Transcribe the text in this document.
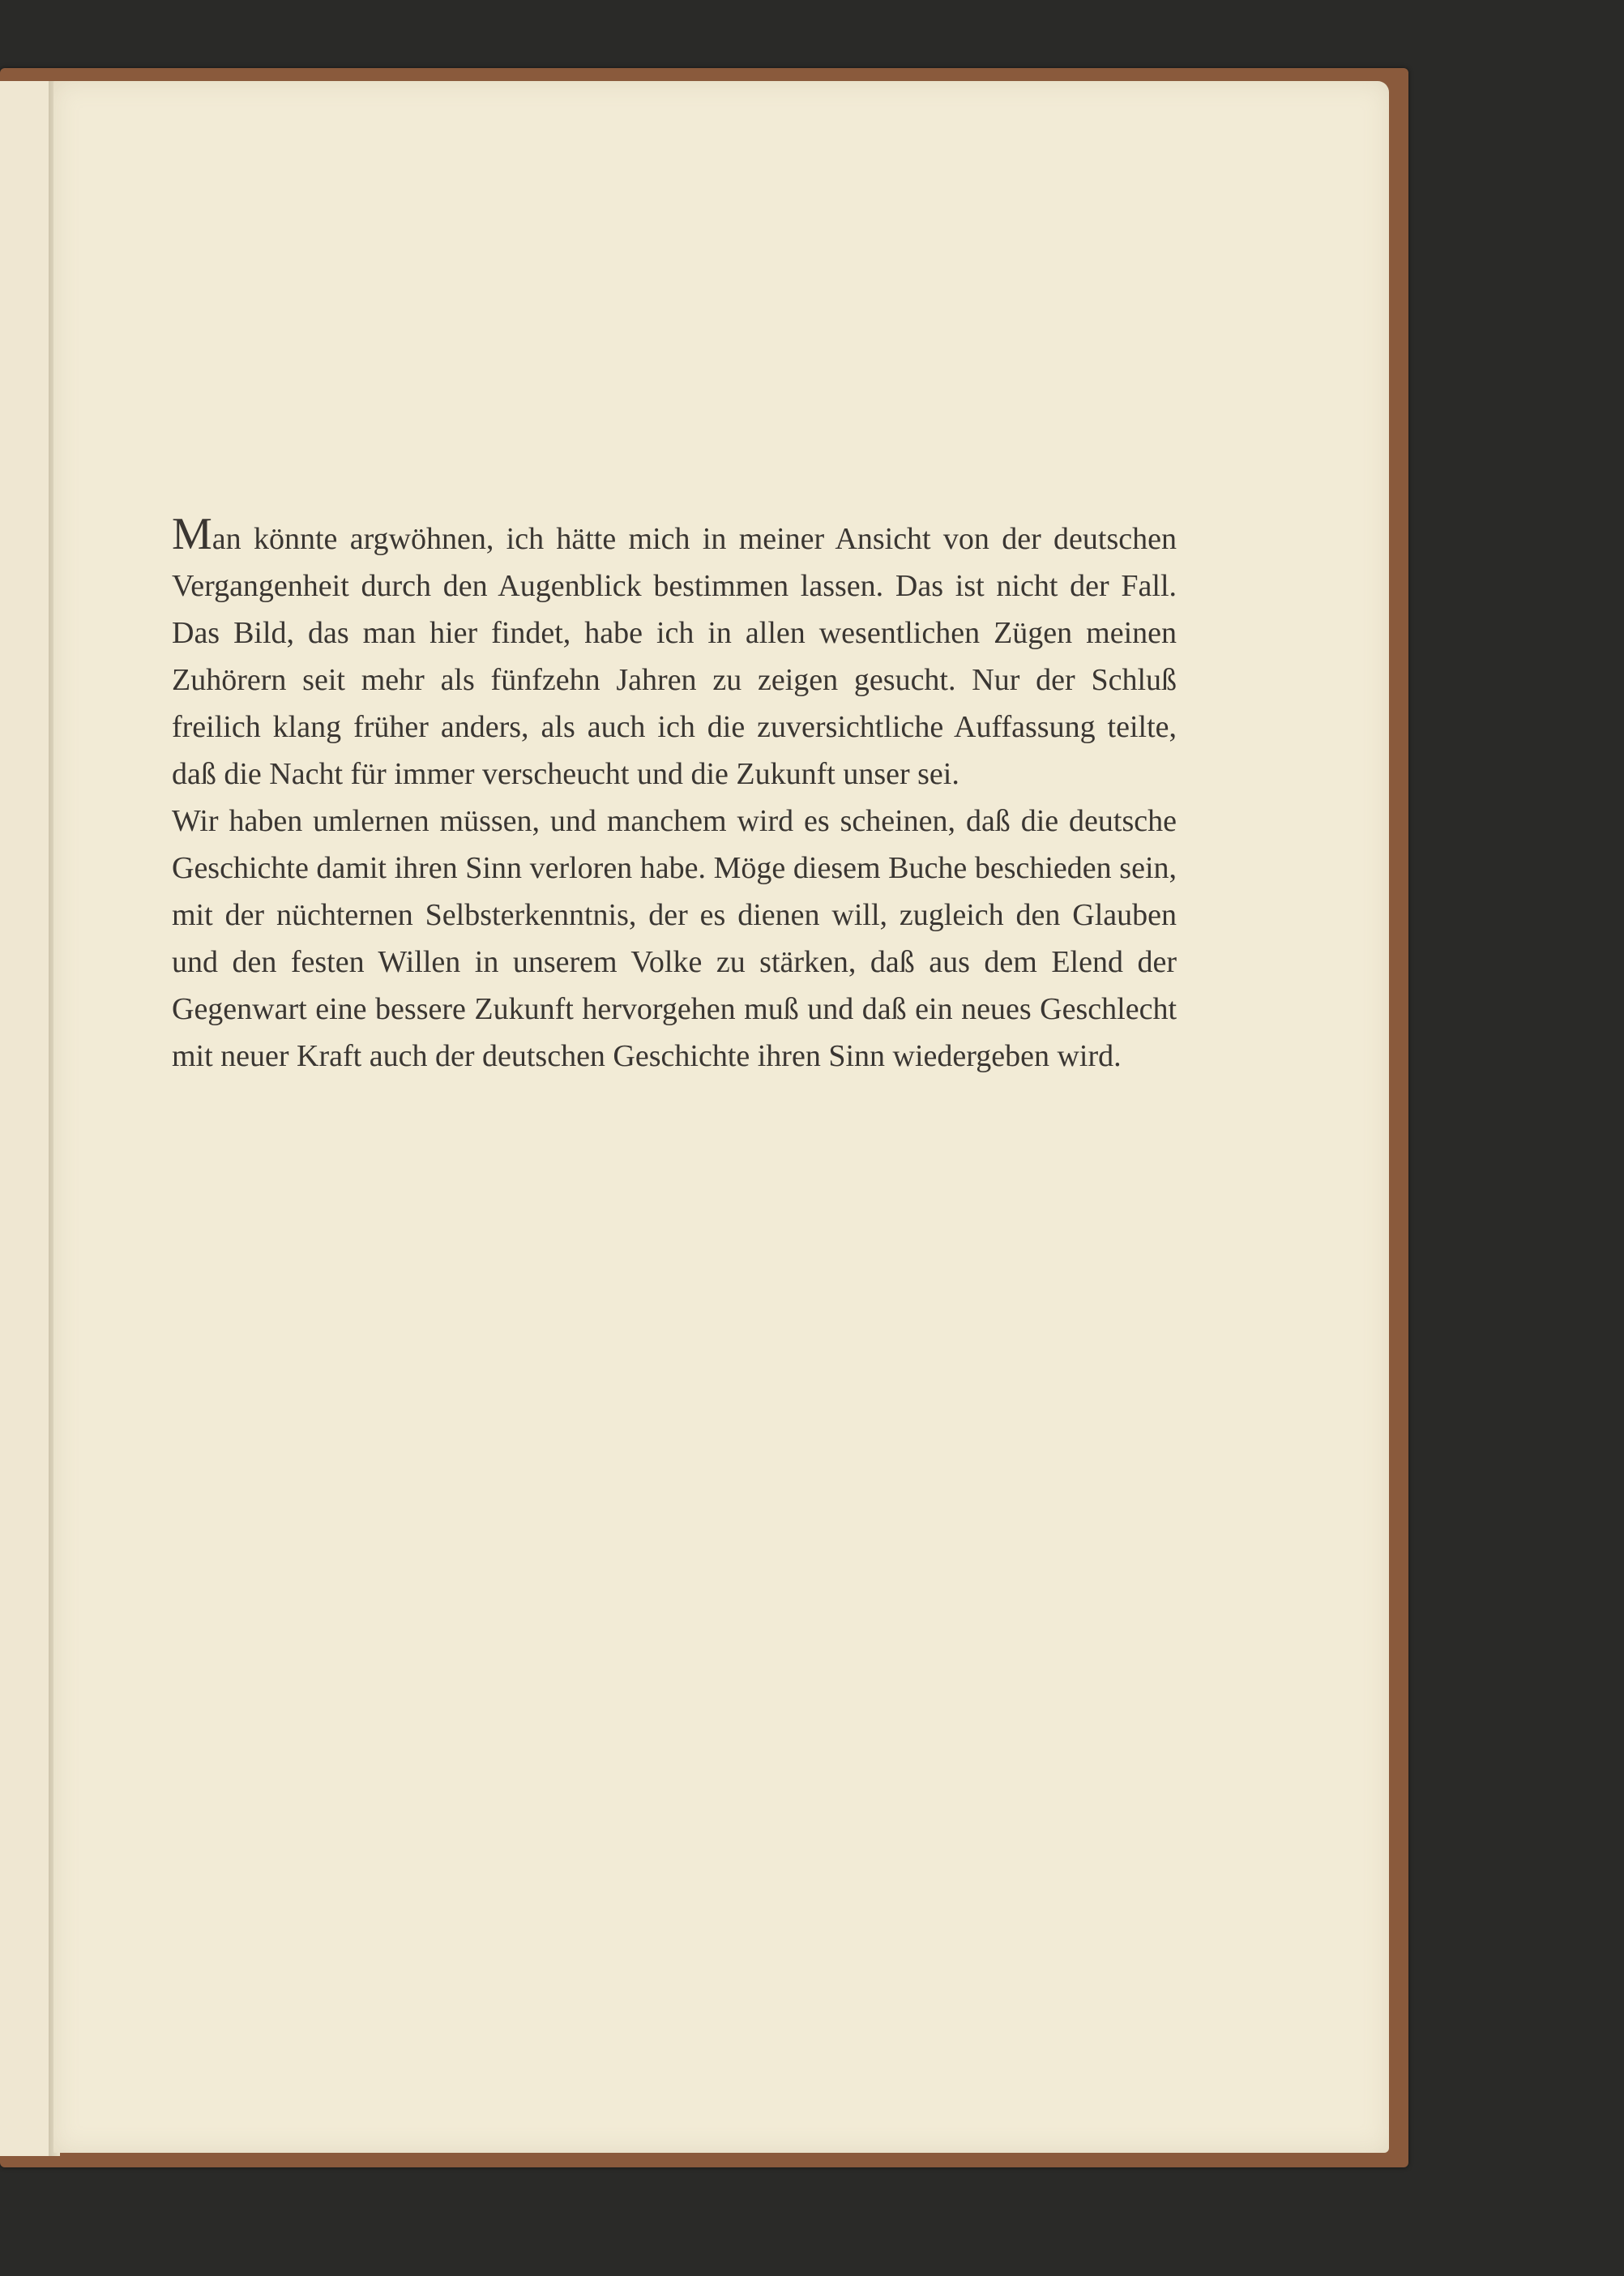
Man könnte argwöhnen, ich hätte mich in meiner Ansicht von der deutschen Vergangenheit durch den Augenblick bestimmen lassen. Das ist nicht der Fall. Das Bild, das man hier findet, habe ich in allen wesentlichen Zügen meinen Zuhörern seit mehr als fünfzehn Jahren zu zeigen gesucht. Nur der Schluß freilich klang früher anders, als auch ich die zuversichtliche Auffassung teilte, daß die Nacht für immer verscheucht und die Zukunft unser sei.

Wir haben umlernen müssen, und manchem wird es scheinen, daß die deutsche Geschichte damit ihren Sinn verloren habe. Möge diesem Buche beschieden sein, mit der nüchternen Selbsterkenntnis, der es dienen will, zugleich den Glauben und den festen Willen in unserem Volke zu stärken, daß aus dem Elend der Gegenwart eine bessere Zukunft hervorgehen muß und daß ein neues Geschlecht mit neuer Kraft auch der deutschen Geschichte ihren Sinn wiedergeben wird.
